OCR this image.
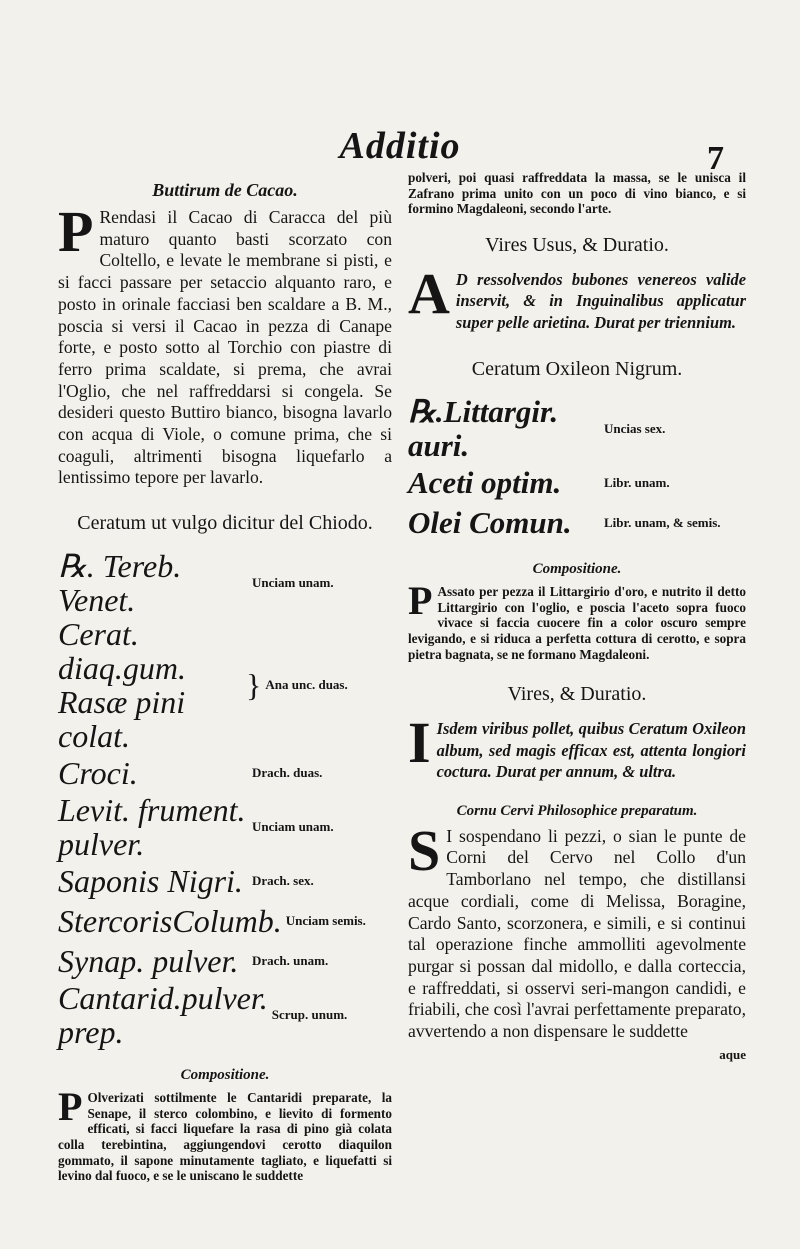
Additio	7
Buttirum de Cacao.

P Rendasi il Cacao di Caracca del più maturo quanto basti scorzato con Coltello, e levate le membrane si pisti, e si facci passare per setaccio alquanto raro, e posto in orinale facciasi ben scaldare a B. M., poscia si versi il Cacao in pezza di Canape forte, e posto sotto al Torchio con piastre di ferro prima scaldate, si prema, che avrai l'Oglio, che nel raffreddarsi si congela. Se desideri questo Buttiro bianco, bisogna lavarlo con acqua di Viole, o comune prima, che si coaguli, altrimenti bisogna liquefarlo a lentissimo tepore per lavarlo.

Ceratum ut vulgo dicitur del Chiodo.
℞. Tereb. Venet.	Unciam unam.
Cerat. diaq.gum.
Rasæ pini colat.
} Ana unc. duas.
Croci.	Drach. duas.
Levit. frument. pulver.	Unciam unam.
Saponis Nigri. Drach. sex.
StercorisColumb. Unciam semis.
Synap. pulver.	Drach. unam.
Cantarid.pulver. prep.	Scrup. unum.
Compositione.

P Olverizati sottilmente le Cantaridi preparate, la Senape, il sterco colombino, e lievito di formento efficati, si facci liquefare la rasa di pino già colata colla terebintina, aggiungendovi cerotto diaquilon gommato, il sapone minutamente tagliato, e liquefatti si levino dal fuoco, e se le uniscano le suddette

polveri, poi quasi raffreddata la massa, se le unisca il Zafrano prima unito con un poco di vino bianco, e si formino Magdaleoni, secondo l'arte.

Vires Usus, & Duratio.

A D ressolvendos bubones venereos valide inservit, & in Inguinalibus applicatur super pelle arietina. Durat per triennium.

Ceratum Oxileon Nigrum.
℞.Littargir. auri.	Uncias sex.
Aceti optim.	Libr. unam.
Olei Comun.	Libr. unam, & semis.
Compositione.

P Assato per pezza il Littargirio d'oro, e nutrito il detto Littargirio con l'oglio, e poscia l'aceto sopra fuoco vivace si faccia cuocere fin a color oscuro sempre levigando, e si riduca a perfetta cottura di cerotto, e sopra pietra bagnata, se ne formano Magdaleoni.

Vires, & Duratio.

I Isdem viribus pollet, quibus Ceratum Oxileon album, sed magis efficax est, attenta longiori coctura. Durat per annum, & ultra.

Cornu Cervi Philosophice preparatum.

S I sospendano li pezzi, o sian le punte de Corni del Cervo nel Collo d'un Tamborlano nel tempo, che distillansi acque cordiali, come di Melissa, Boragine, Cardo Santo, scorzonera, e simili, e si continui tal operazione finche ammolliti agevolmente purgar si possan dal midollo, e dalla corteccia, e raffreddati, si osservi seri-mangon candidi, e friabili, che così l'avrai perfettamente preparato, avvertendo a non dispensare le suddette

aque
